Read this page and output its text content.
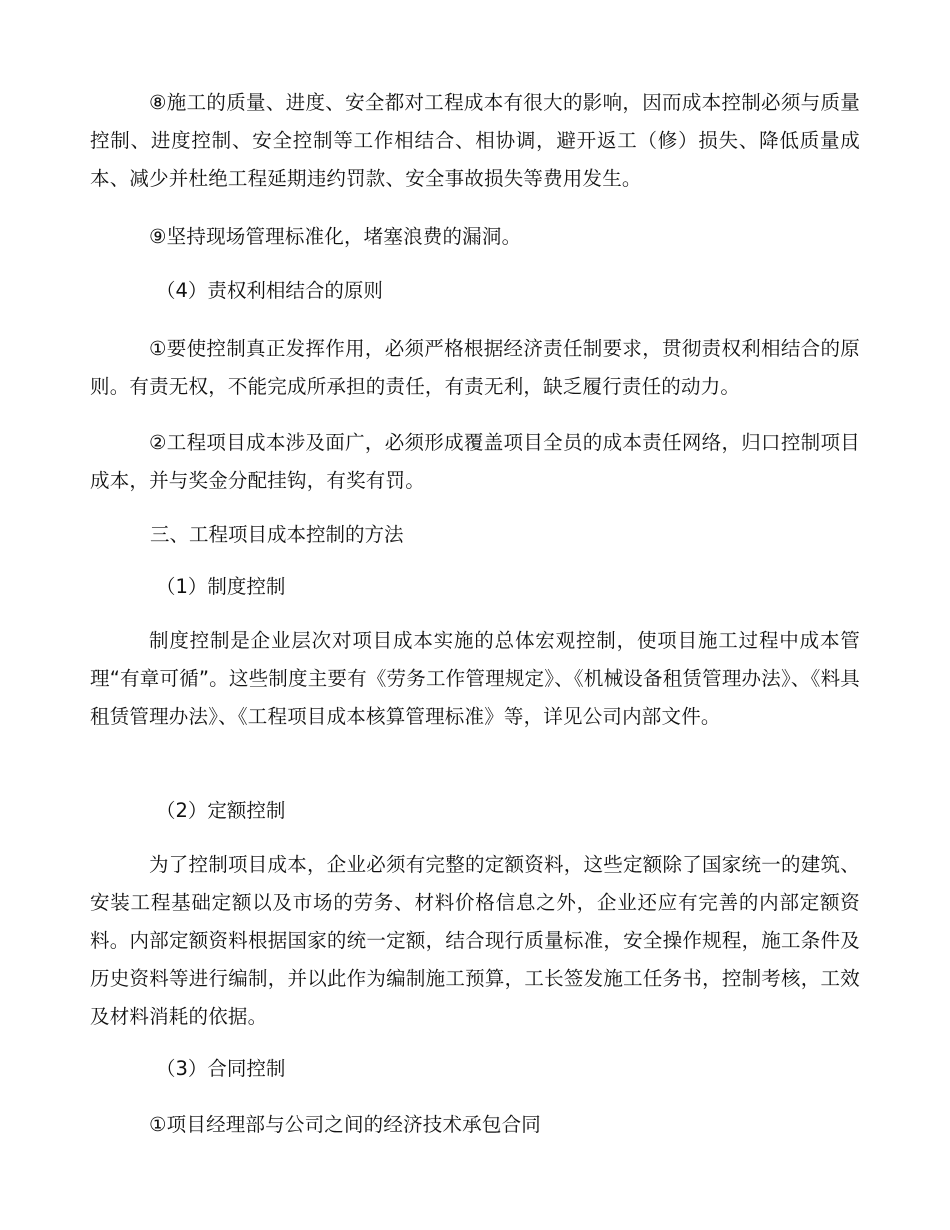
⑧施工的质量、进度、安全都对工程成本有很大的影响，因而成本控制必须与质量控制、进度控制、安全控制等工作相结合、相协调，避开返工（修）损失、降低质量成本、减少并杜绝工程延期违约罚款、安全事故损失等费用发生。

⑨坚持现场管理标准化，堵塞浪费的漏洞。

（4）责权利相结合的原则

①要使控制真正发挥作用，必须严格根据经济责任制要求，贯彻责权利相结合的原则。有责无权，不能完成所承担的责任，有责无利，缺乏履行责任的动力。

②工程项目成本涉及面广，必须形成覆盖项目全员的成本责任网络，归口控制项目成本，并与奖金分配挂钩，有奖有罚。

三、工程项目成本控制的方法

（1）制度控制

制度控制是企业层次对项目成本实施的总体宏观控制，使项目施工过程中成本管理“有章可循”。这些制度主要有《劳务工作管理规定》、《机械设备租赁管理办法》、《料具租赁管理办法》、《工程项目成本核算管理标准》等，详见公司内部文件。

（2）定额控制

为了控制项目成本，企业必须有完整的定额资料，这些定额除了国家统一的建筑、安装工程基础定额以及市场的劳务、材料价格信息之外，企业还应有完善的内部定额资料。内部定额资料根据国家的统一定额，结合现行质量标准，安全操作规程，施工条件及历史资料等进行编制，并以此作为编制施工预算，工长签发施工任务书，控制考核，工效及材料消耗的依据。

（3）合同控制

①项目经理部与公司之间的经济技术承包合同
